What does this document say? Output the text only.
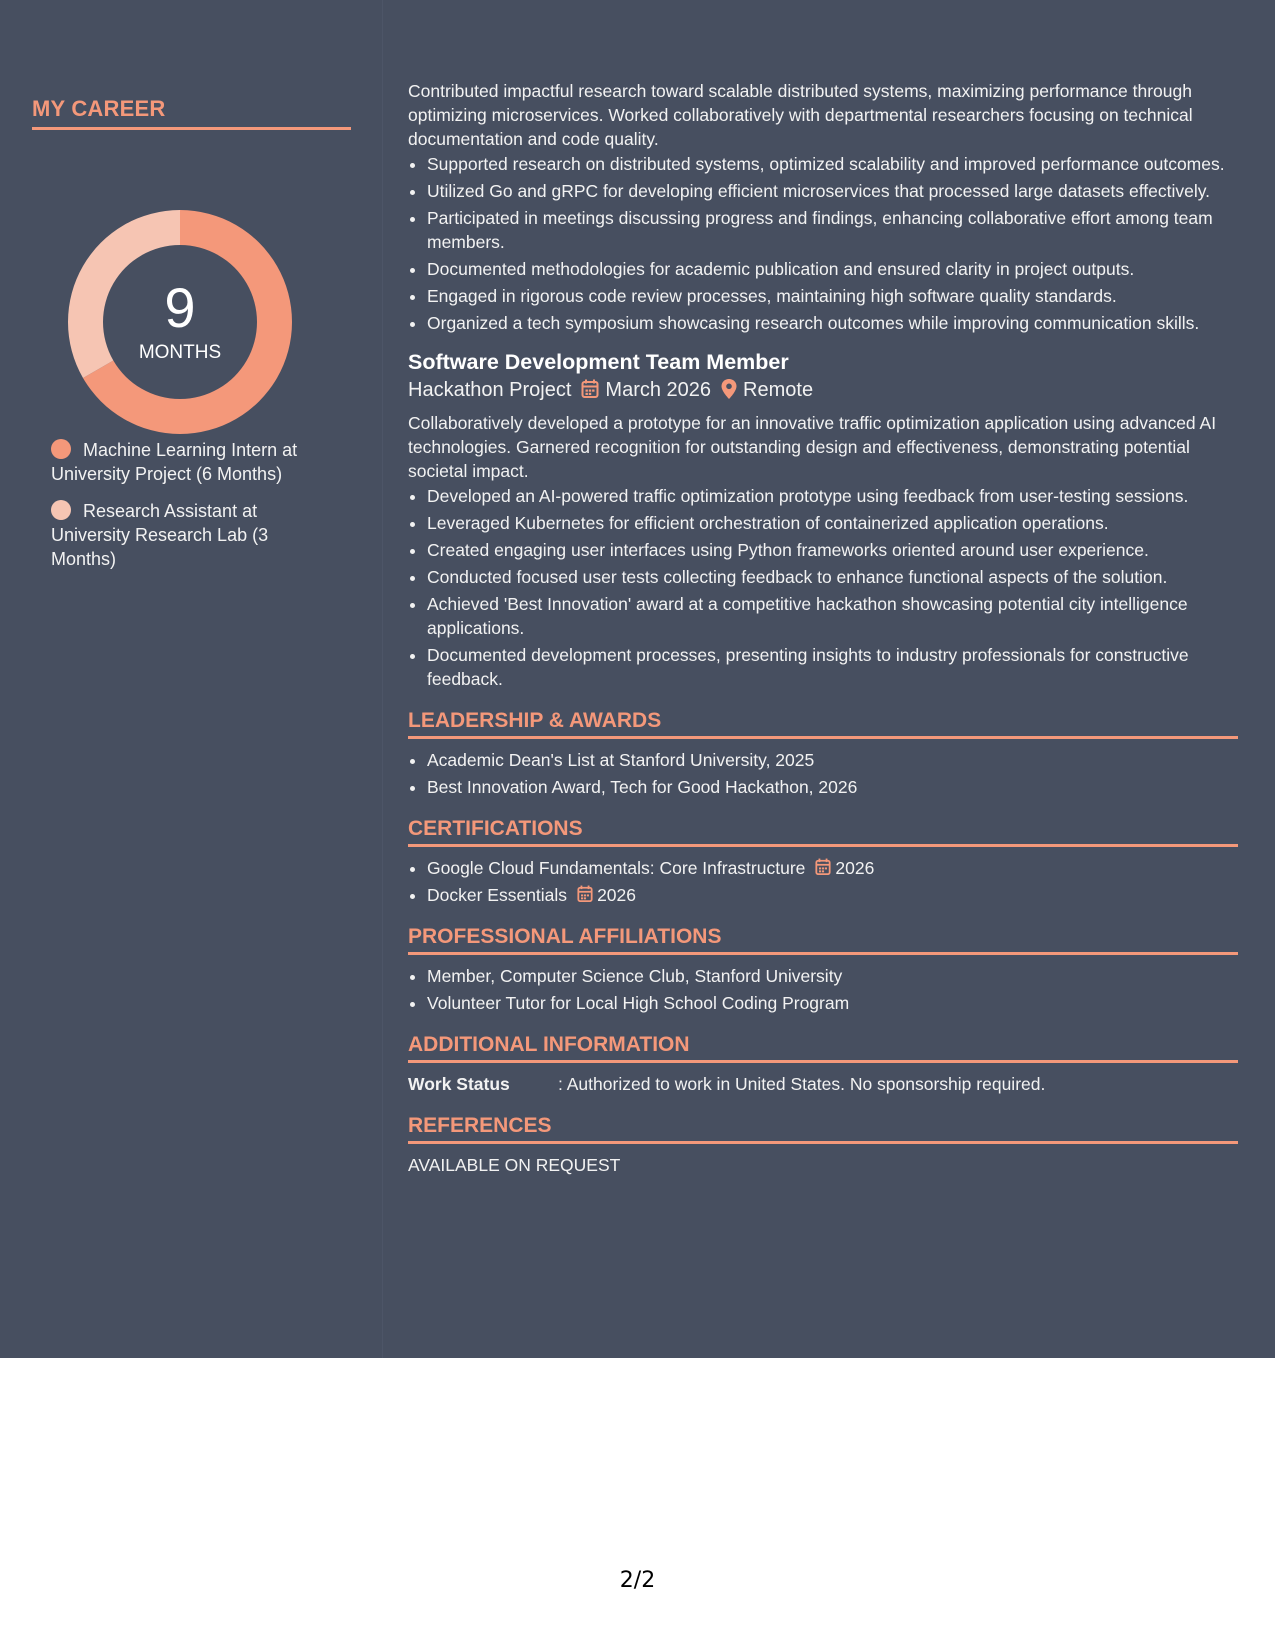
MY CAREER
9
MONTHS
Machine Learning Intern at University Project (6 Months)
Research Assistant at University Research Lab (3 Months)

Contributed impactful research toward scalable distributed systems, maximizing performance through optimizing microservices. Worked collaboratively with departmental researchers focusing on technical documentation and code quality.

• Supported research on distributed systems, optimized scalability and improved performance outcomes.
• Utilized Go and gRPC for developing efficient microservices that processed large datasets effectively.
• Participated in meetings discussing progress and findings, enhancing collaborative effort among team members.
• Documented methodologies for academic publication and ensured clarity in project outputs.
• Engaged in rigorous code review processes, maintaining high software quality standards.
• Organized a tech symposium showcasing research outcomes while improving communication skills.
Software Development Team Member
Hackathon Project March 2026 Remote

Collaboratively developed a prototype for an innovative traffic optimization application using advanced AI technologies. Garnered recognition for outstanding design and effectiveness, demonstrating potential societal impact.

• Developed an AI-powered traffic optimization prototype using feedback from user-testing sessions.
• Leveraged Kubernetes for efficient orchestration of containerized application operations.
• Created engaging user interfaces using Python frameworks oriented around user experience.
• Conducted focused user tests collecting feedback to enhance functional aspects of the solution.
• Achieved 'Best Innovation' award at a competitive hackathon showcasing potential city intelligence applications.
• Documented development processes, presenting insights to industry professionals for constructive feedback.
LEADERSHIP & AWARDS
• Academic Dean's List at Stanford University, 2025
• Best Innovation Award, Tech for Good Hackathon, 2026
CERTIFICATIONS
• Google Cloud Fundamentals: Core Infrastructure 2026
• Docker Essentials 2026
PROFESSIONAL AFFILIATIONS
• Member, Computer Science Club, Stanford University
• Volunteer Tutor for Local High School Coding Program
ADDITIONAL INFORMATION
Work Status	: Authorized to work in United States. No sponsorship required.
REFERENCES
AVAILABLE ON REQUEST
2/2
